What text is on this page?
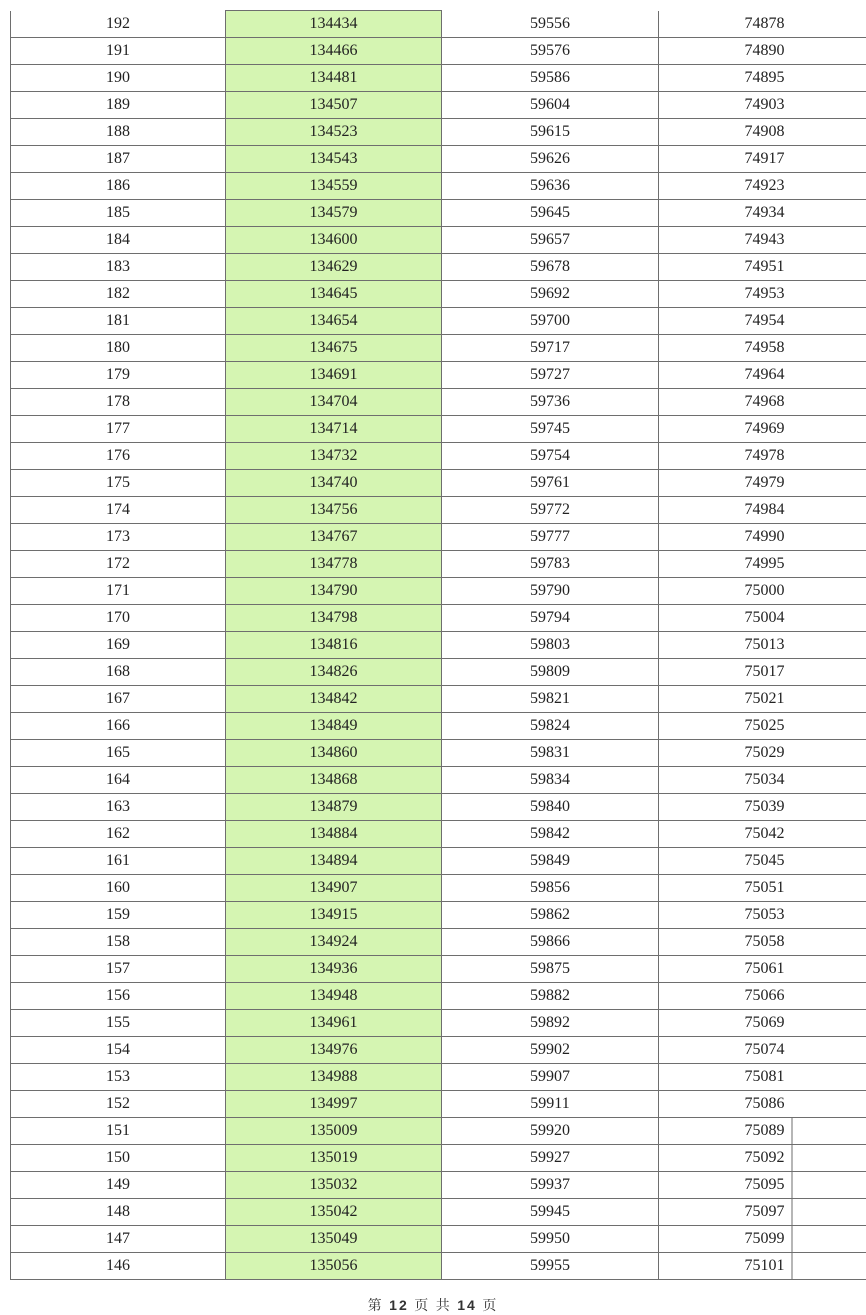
192	134434	59556	74878
191	134466	59576	74890
190	134481	59586	74895
189	134507	59604	74903
188	134523	59615	74908
187	134543	59626	74917
186	134559	59636	74923
185	134579	59645	74934
184	134600	59657	74943
183	134629	59678	74951
182	134645	59692	74953
181	134654	59700	74954
180	134675	59717	74958
179	134691	59727	74964
178	134704	59736	74968
177	134714	59745	74969
176	134732	59754	74978
175	134740	59761	74979
174	134756	59772	74984
173	134767	59777	74990
172	134778	59783	74995
171	134790	59790	75000
170	134798	59794	75004
169	134816	59803	75013
168	134826	59809	75017
167	134842	59821	75021
166	134849	59824	75025
165	134860	59831	75029
164	134868	59834	75034
163	134879	59840	75039
162	134884	59842	75042
161	134894	59849	75045
160	134907	59856	75051
159	134915	59862	75053
158	134924	59866	75058
157	134936	59875	75061
156	134948	59882	75066
155	134961	59892	75069
154	134976	59902	75074
153	134988	59907	75081
152	134997	59911	75086
151	135009	59920	75089
150	135019	59927	75092
149	135032	59937	75095
148	135042	59945	75097
147	135049	59950	75099
146	135056	59955	75101
第 12 页 共 14 页
